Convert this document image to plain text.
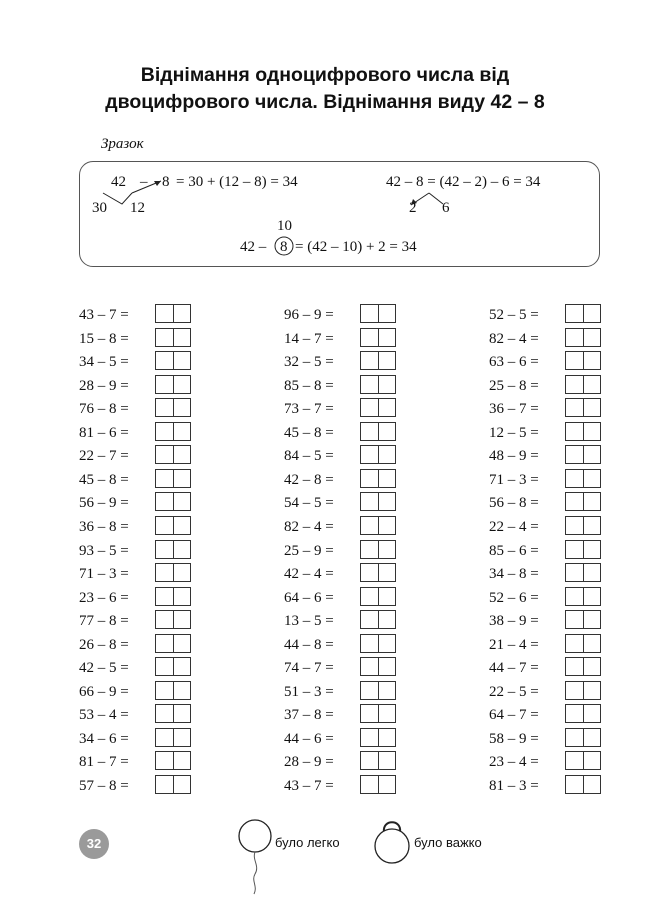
Віднімання одноцифрового числа від
двоцифрового числа. Віднімання виду 42 – 8
Зразок
42 – 8 = 30 + (12 – 8) = 34
30 12
42 – 8 = (42 – 2) – 6 = 34
2 6
10
42 – 8 = (42 – 10) + 2 = 34
43 – 7 =
15 – 8 =
34 – 5 =
28 – 9 =
76 – 8 =
81 – 6 =
22 – 7 =
45 – 8 =
56 – 9 =
36 – 8 =
93 – 5 =
71 – 3 =
23 – 6 =
77 – 8 =
26 – 8 =
42 – 5 =
66 – 9 =
53 – 4 =
34 – 6 =
81 – 7 =
57 – 8 =
96 – 9 =
14 – 7 =
32 – 5 =
85 – 8 =
73 – 7 =
45 – 8 =
84 – 5 =
42 – 8 =
54 – 5 =
82 – 4 =
25 – 9 =
42 – 4 =
64 – 6 =
13 – 5 =
44 – 8 =
74 – 7 =
51 – 3 =
37 – 8 =
44 – 6 =
28 – 9 =
43 – 7 =
52 – 5 =
82 – 4 =
63 – 6 =
25 – 8 =
36 – 7 =
12 – 5 =
48 – 9 =
71 – 3 =
56 – 8 =
22 – 4 =
85 – 6 =
34 – 8 =
52 – 6 =
38 – 9 =
21 – 4 =
44 – 7 =
22 – 5 =
64 – 7 =
58 – 9 =
23 – 4 =
81 – 3 =
32	було легко	було важко
